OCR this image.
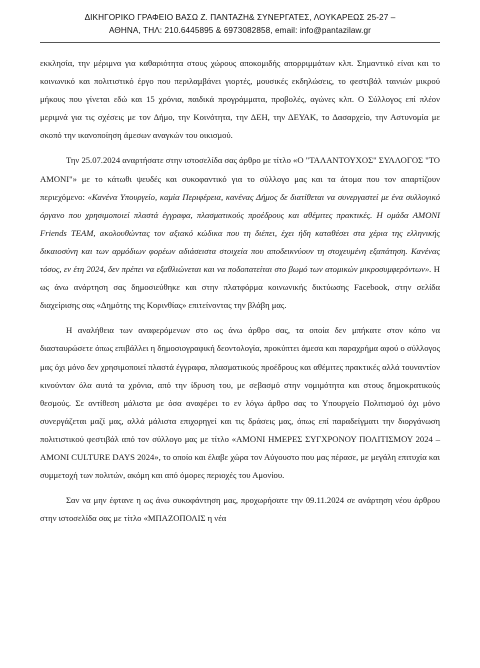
ΔΙΚΗΓΟΡΙΚΟ ΓΡΑΦΕΙΟ ΒΑΣΩ Ζ. ΠΑΝΤΑΖΗ& ΣΥΝΕΡΓΑΤΕΣ, ΛΟΥΚΑΡΕΩΣ 25-27 –
ΑΘΗΝΑ, ΤΗΛ: 210.6445895 & 6973082858, email: info@pantazilaw.gr

εκκλησία, την μέριμνα για καθαριότητα στους χώρους αποκομιδής απορριμμάτων κλπ. Σημαντικό είναι και το κοινωνικό και πολιτιστικό έργο που περιλαμβάνει γιορτές, μουσικές εκδηλώσεις, το φεστιβάλ ταινιών μικρού μήκους που γίνεται εδώ και 15 χρόνια, παιδικά προγράμματα, προβολές, αγώνες κλπ. Ο Σύλλογος επί πλέον μεριμνά για τις σχέσεις με τον Δήμο, την Κοινότητα, την ΔΕΗ, την ΔΕΥΑΚ, το Δασαρχείο, την Αστυνομία με σκοπό την ικανοποίηση άμεσων αναγκών του οικισμού.

Την 25.07.2024 αναρτήσατε στην ιστοσελίδα σας άρθρο με τίτλο «Ο "ΤΑΛΑΝΤΟΥΧΟΣ" ΣΥΛΛΟΓΟΣ "ΤΟ ΑΜΟΝΙ"» με το κάτωθι ψευδές και συκοφαντικό για το σύλλογο μας και τα άτομα που τον απαρτίζουν περιεχόμενο: «Κανένα Υπουργείο, καμία Περιφέρεια, κανένας Δήμος δε διατίθεται να συνεργαστεί με ένα συλλογικό όργανο που χρησιμοποιεί πλαστά έγγραφα, πλασματικούς προέδρους και αθέμιτες πρακτικές. Η ομάδα AMONI Friends TEAM, ακολουθώντας τον αξιακό κώδικα που τη διέπει, έχει ήδη καταθέσει στα χέρια της ελληνικής δικαιοσύνη και των αρμόδιων φορέων αδιάσειστα στοιχεία που αποδεικνύουν τη στοχευμένη εξαπάτηση. Κανένας τόσος, εν έτη 2024, δεν πρέπει να εξαθλιώνεται και να ποδοπατείται στο βωμό των ατομικών μικροσυμφερόντων». Η ως άνω ανάρτηση σας δημοσιεύθηκε και στην πλατφόρμα κοινωνικής δικτύωσης Facebook, στην σελίδα διαχείρισης σας «Δημότης της Κορινθίας» επιτείνοντας την βλάβη μας.

Η αναλήθεια των αναφερόμενων στο ως άνω άρθρο σας, τα οποία δεν μπήκατε στον κόπο να διασταυρώσετε όπως επιβάλλει η δημοσιογραφική δεοντολογία, προκύπτει άμεσα και παραχρήμα αφού ο σύλλογος μας όχι μόνο δεν χρησιμοποιεί πλαστά έγγραφα, πλασματικούς προέδρους και αθέμιτες πρακτικές αλλά τουναντίον κινούνταν όλα αυτά τα χρόνια, από την ίδρυση του, με σεβασμό στην νομιμότητα και στους δημοκρατικούς θεσμούς. Σε αντίθεση μάλιστα με όσα αναφέρει το εν λόγω άρθρο σας το Υπουργείο Πολιτισμού όχι μόνο συνεργάζεται μαζί μας, αλλά μάλιστα επιχορηγεί και τις δράσεις μας, όπως επί παραδείγματι την διοργάνωση πολιτιστικού φεστιβάλ από τον σύλλογο μας με τίτλο «ΑΜΟΝΙ ΗΜΕΡΕΣ ΣΥΓΧΡΟΝΟΥ ΠΟΛΙΤΙΣΜΟΥ 2024 – AMONI CULTURE DAYS 2024», το οποίο και έλαβε χώρα τον Αύγουστο που μας πέρασε, με μεγάλη επιτυχία και συμμετοχή των πολιτών, ακόμη και από όμορες περιοχές του Αμονίου.

Σαν να μην έφτανε η ως άνω συκοφάντηση μας, προχωρήσατε την 09.11.2024 σε ανάρτηση νέου άρθρου στην ιστοσελίδα σας με τίτλο «ΜΠΑΖΟΠΟΛΙΣ η νέα
